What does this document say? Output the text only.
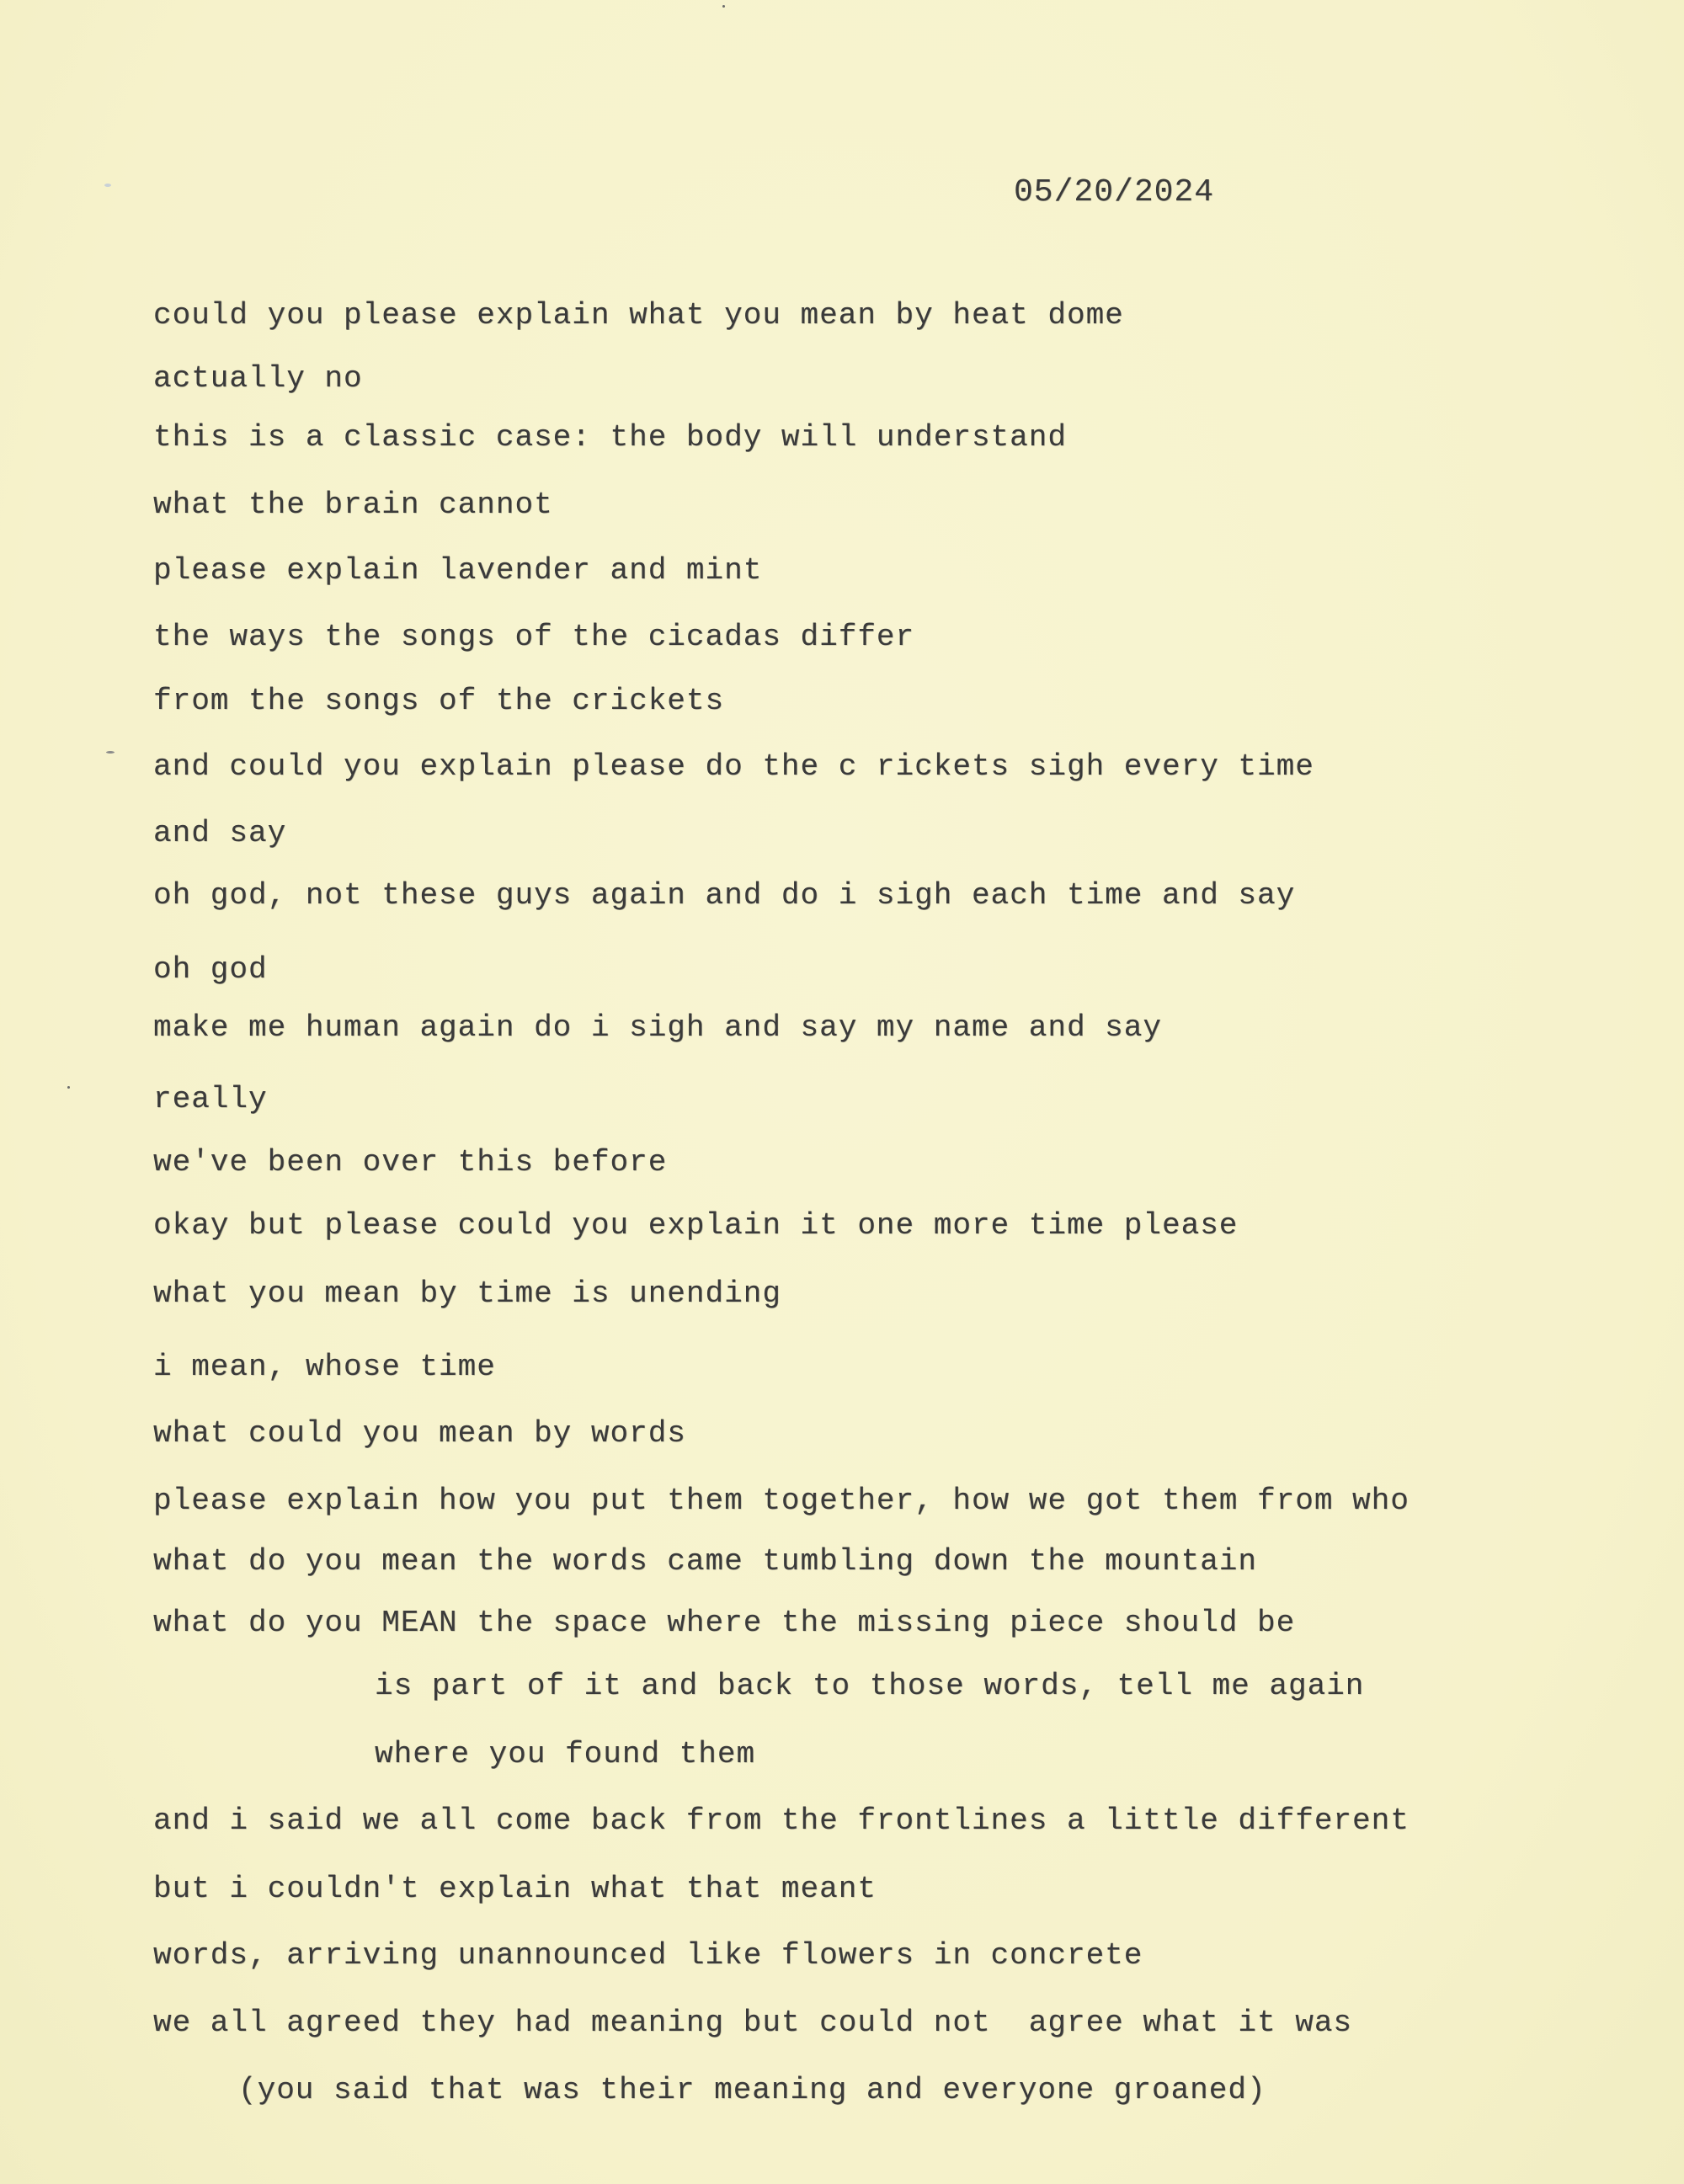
05/20/2024
could you please explain what you mean by heat dome
actually no
this is a classic case: the body will understand
what the brain cannot
please explain lavender and mint
the ways the songs of the cicadas differ
from the songs of the crickets
and could you explain please do the c rickets sigh every time
and say
oh god, not these guys again and do i sigh each time and say
oh god
make me human again do i sigh and say my name and say
really
we've been over this before
okay but please could you explain it one more time please
what you mean by time is unending
i mean, whose time
what could you mean by words
please explain how you put them together, how we got them from who
what do you mean the words came tumbling down the mountain
what do you MEAN the space where the missing piece should be
is part of it and back to those words, tell me again
where you found them
and i said we all come back from the frontlines a little different
but i couldn't explain what that meant
words, arriving unannounced like flowers in concrete
we all agreed they had meaning but could not  agree what it was
(you said that was their meaning and everyone groaned)
